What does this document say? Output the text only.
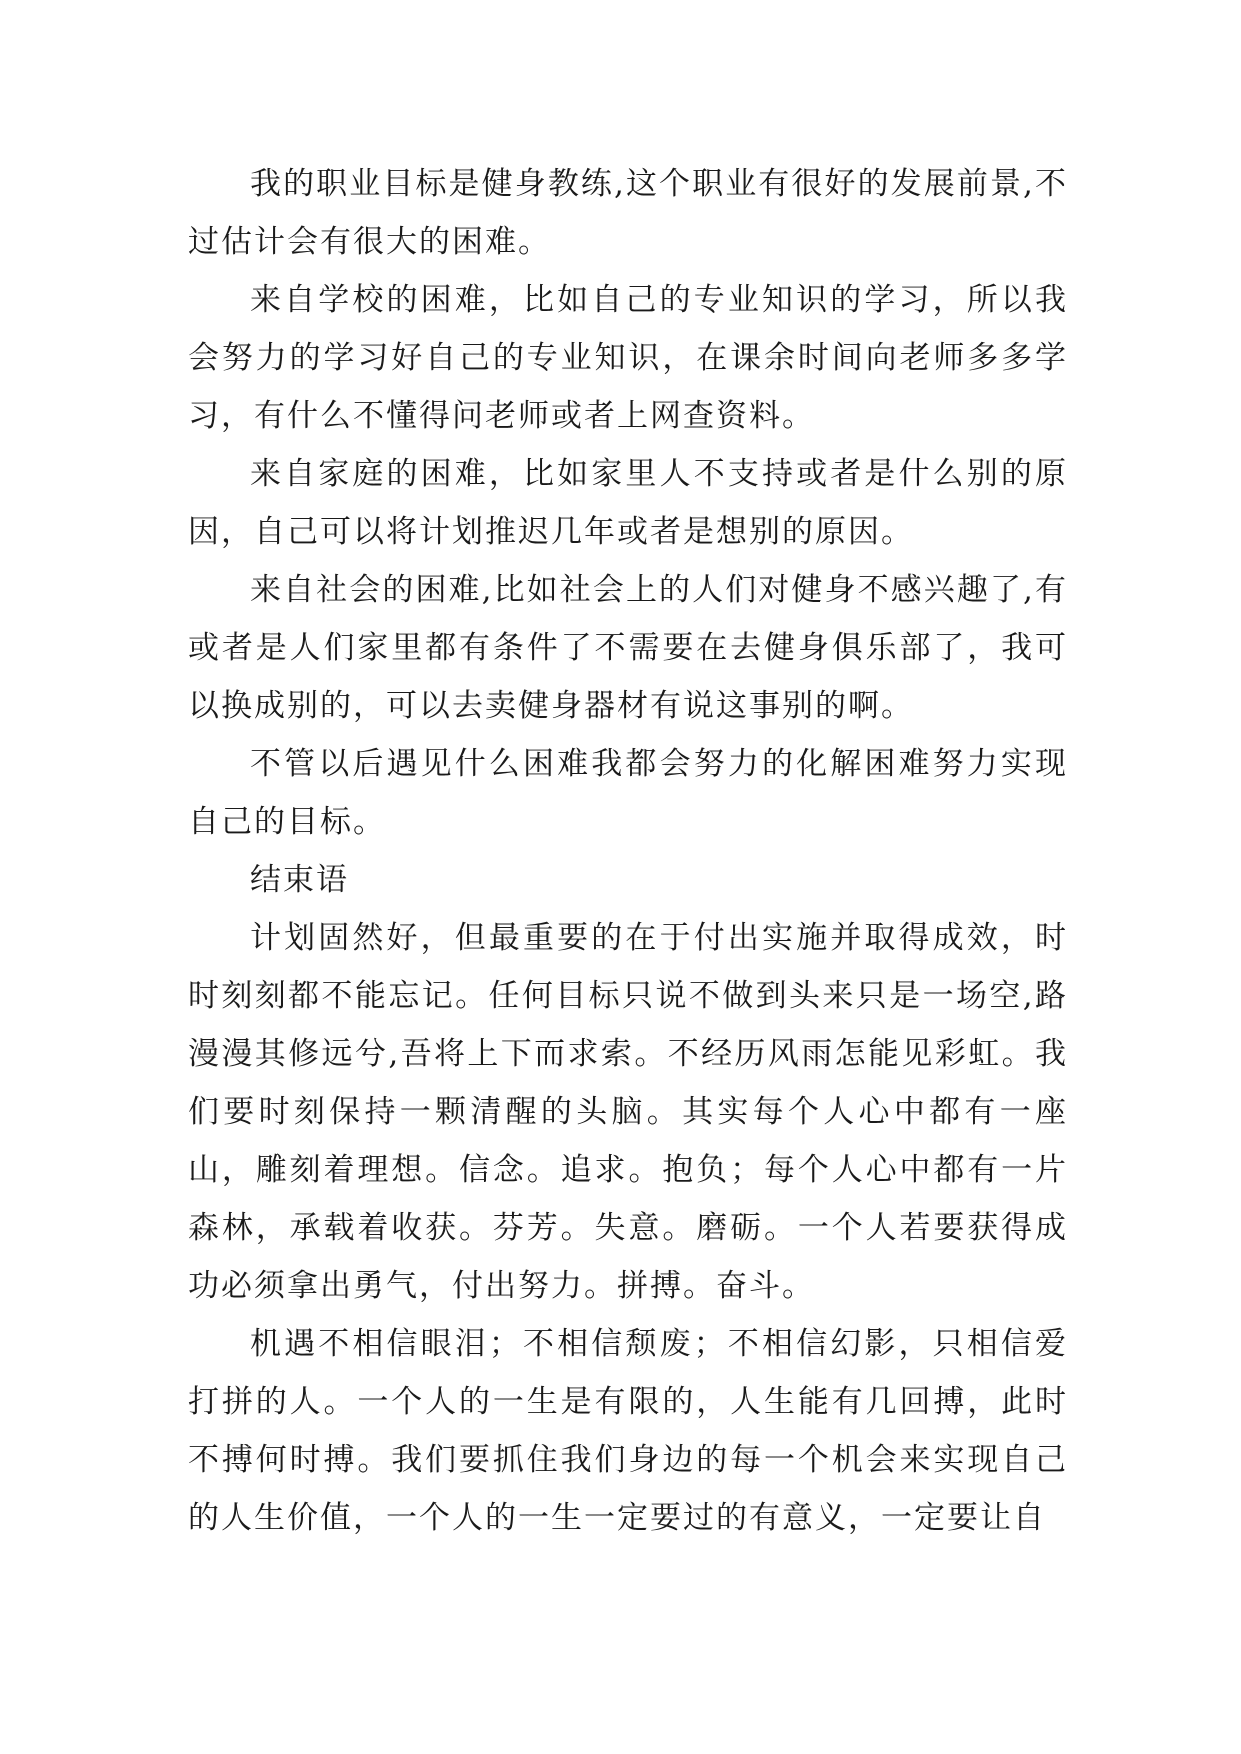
我的职业目标是健身教练,这个职业有很好的发展前景,不过估计会有很大的困难。

来自学校的困难，比如自己的专业知识的学习，所以我会努力的学习好自己的专业知识，在课余时间向老师多多学习，有什么不懂得问老师或者上网查资料。

来自家庭的困难，比如家里人不支持或者是什么别的原因，自己可以将计划推迟几年或者是想别的原因。

来自社会的困难,比如社会上的人们对健身不感兴趣了,有或者是人们家里都有条件了不需要在去健身俱乐部了，我可以换成别的，可以去卖健身器材有说这事别的啊。

不管以后遇见什么困难我都会努力的化解困难努力实现自己的目标。

结束语

计划固然好，但最重要的在于付出实施并取得成效，时时刻刻都不能忘记。任何目标只说不做到头来只是一场空,路漫漫其修远兮,吾将上下而求索。不经历风雨怎能见彩虹。我们要时刻保持一颗清醒的头脑。其实每个人心中都有一座山，雕刻着理想。信念。追求。抱负；每个人心中都有一片森林，承载着收获。芬芳。失意。磨砺。一个人若要获得成功必须拿出勇气，付出努力。拼搏。奋斗。

机遇不相信眼泪；不相信颓废；不相信幻影，只相信爱打拼的人。一个人的一生是有限的，人生能有几回搏，此时不搏何时搏。我们要抓住我们身边的每一个机会来实现自己的人生价值，一个人的一生一定要过的有意义，一定要让自
